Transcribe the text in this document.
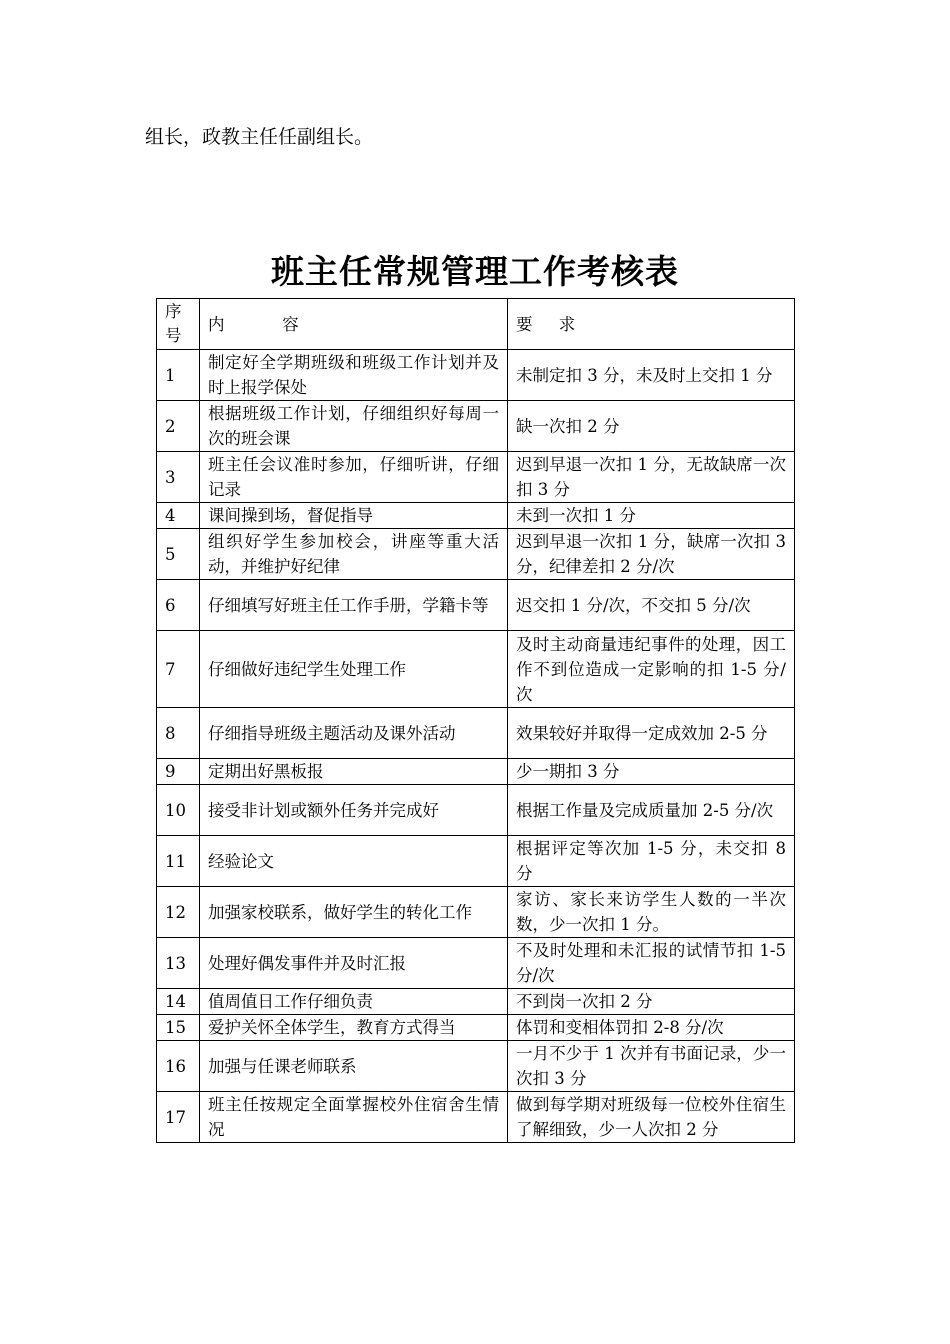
组长，政教主任任副组长。

班主任常规管理工作考核表
序号	内           容	要     求
1	制定好全学期班级和班级工作计划并及时上报学保处	未制定扣 3 分，未及时上交扣 1 分
2	根据班级工作计划，仔细组织好每周一次的班会课	缺一次扣 2 分
3	班主任会议准时参加，仔细听讲，仔细记录	迟到早退一次扣 1 分，无故缺席一次扣 3 分
4	课间操到场，督促指导	未到一次扣 1 分
5	组织好学生参加校会，讲座等重大活动，并维护好纪律	迟到早退一次扣 1 分，缺席一次扣 3 分，纪律差扣 2 分/次
6	仔细填写好班主任工作手册，学籍卡等	迟交扣 1 分/次，不交扣 5 分/次
7	仔细做好违纪学生处理工作	及时主动商量违纪事件的处理，因工作不到位造成一定影响的扣 1-5 分/次
8	仔细指导班级主题活动及课外活动	效果较好并取得一定成效加 2-5 分
9	定期出好黑板报	少一期扣 3 分
10	接受非计划或额外任务并完成好	根据工作量及完成质量加 2-5 分/次
11	经验论文	根据评定等次加 1-5 分，未交扣 8 分
12	加强家校联系，做好学生的转化工作	家访、家长来访学生人数的一半次数，少一次扣 1 分。
13	处理好偶发事件并及时汇报	不及时处理和未汇报的试情节扣 1-5 分/次
14	值周值日工作仔细负责	不到岗一次扣 2 分
15	爱护关怀全体学生，教育方式得当	体罚和变相体罚扣 2-8 分/次
16	加强与任课老师联系	一月不少于 1 次并有书面记录，少一次扣 3 分
17	班主任按规定全面掌握校外住宿舍生情况	做到每学期对班级每一位校外住宿生了解细致，少一人次扣 2 分
